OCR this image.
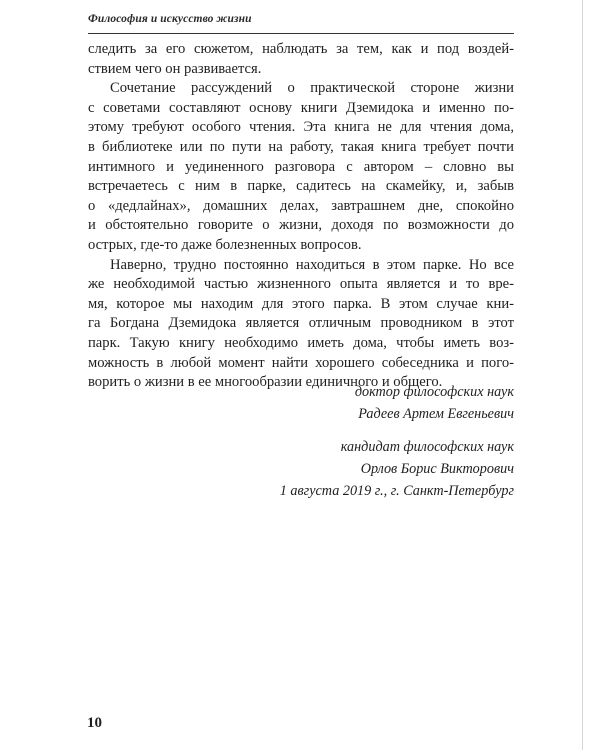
Философия и искусство жизни
следить за его сюжетом, наблюдать за тем, как и под воздей-
ствием чего он развивается.
Сочетание рассуждений о практической стороне жизни
с советами составляют основу книги Дземидока и именно по-
этому требуют особого чтения. Эта книга не для чтения дома,
в библиотеке или по пути на работу, такая книга требует почти
интимного и уединенного разговора с автором – словно вы
встречаетесь с ним в парке, садитесь на скамейку, и, забыв
о «дедлайнах», домашних делах, завтрашнем дне, спокойно
и обстоятельно говорите о жизни, доходя по возможности до
острых, где-то даже болезненных вопросов.
Наверно, трудно постоянно находиться в этом парке. Но все
же необходимой частью жизненного опыта является и то вре-
мя, которое мы находим для этого парка. В этом случае кни-
га Богдана Дземидока является отличным проводником в этот
парк. Такую книгу необходимо иметь дома, чтобы иметь воз-
можность в любой момент найти хорошего собеседника и пого-
ворить о жизни в ее многообразии единичного и общего.
доктор философских наук
Радеев Артем Евгеньевич
кандидат философских наук
Орлов Борис Викторович
1 августа 2019 г., г. Санкт-Петербург
10
